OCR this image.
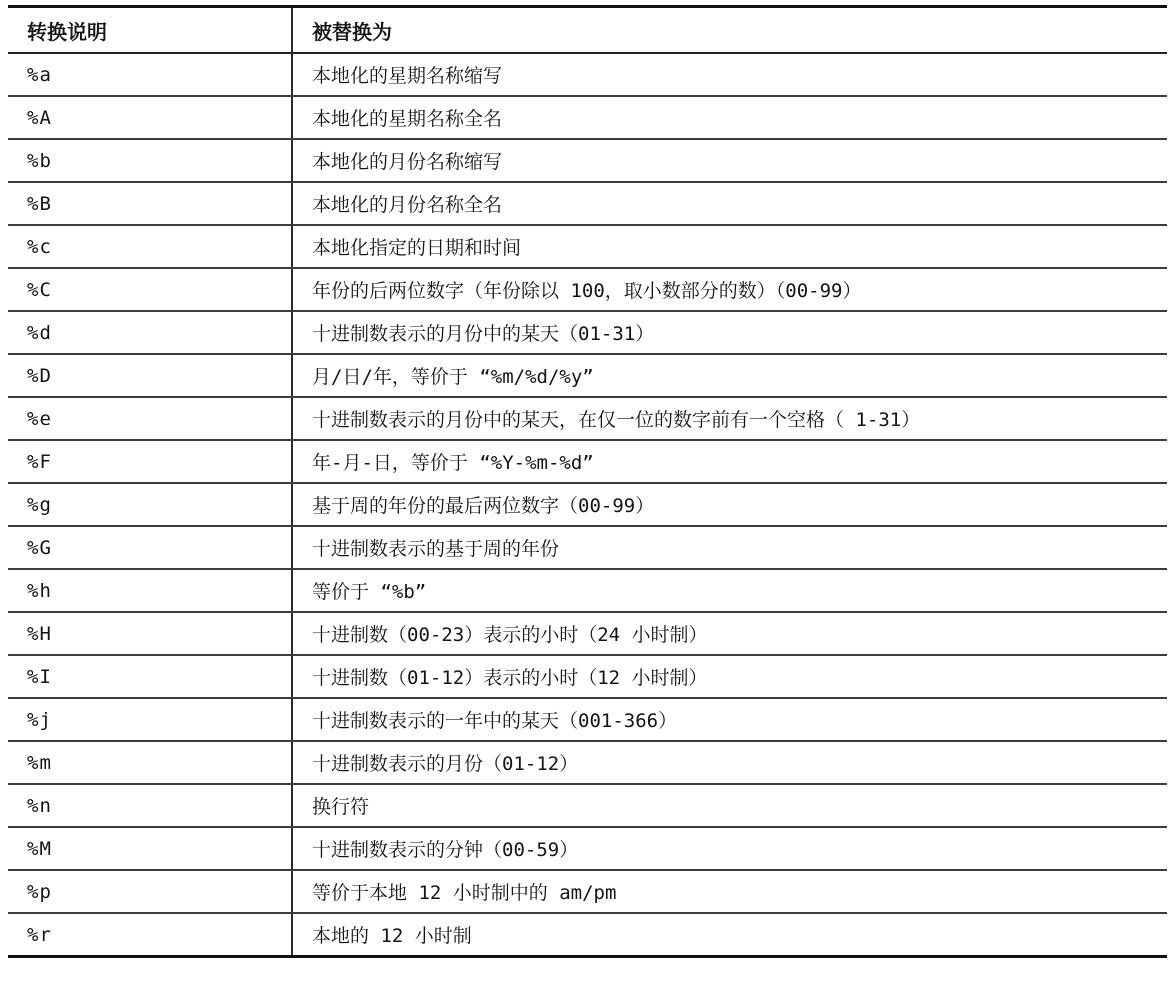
转换说明	被替换为
%a	本地化的星期名称缩写
%A	本地化的星期名称全名
%b	本地化的月份名称缩写
%B	本地化的月份名称全名
%c	本地化指定的日期和时间
%C	年份的后两位数字（年份除以 100，取小数部分的数）（00-99）
%d	十进制数表示的月份中的某天（01-31）
%D	月/日/年，等价于 “%m/%d/%y”
%e	十进制数表示的月份中的某天，在仅一位的数字前有一个空格（ 1-31）
%F	年-月-日，等价于 “%Y-%m-%d”
%g	基于周的年份的最后两位数字（00-99）
%G	十进制数表示的基于周的年份
%h	等价于 “%b”
%H	十进制数（00-23）表示的小时（24 小时制）
%I	十进制数（01-12）表示的小时（12 小时制）
%j	十进制数表示的一年中的某天（001-366）
%m	十进制数表示的月份（01-12）
%n	换行符
%M	十进制数表示的分钟（00-59）
%p	等价于本地 12 小时制中的 am/pm
%r	本地的 12 小时制
